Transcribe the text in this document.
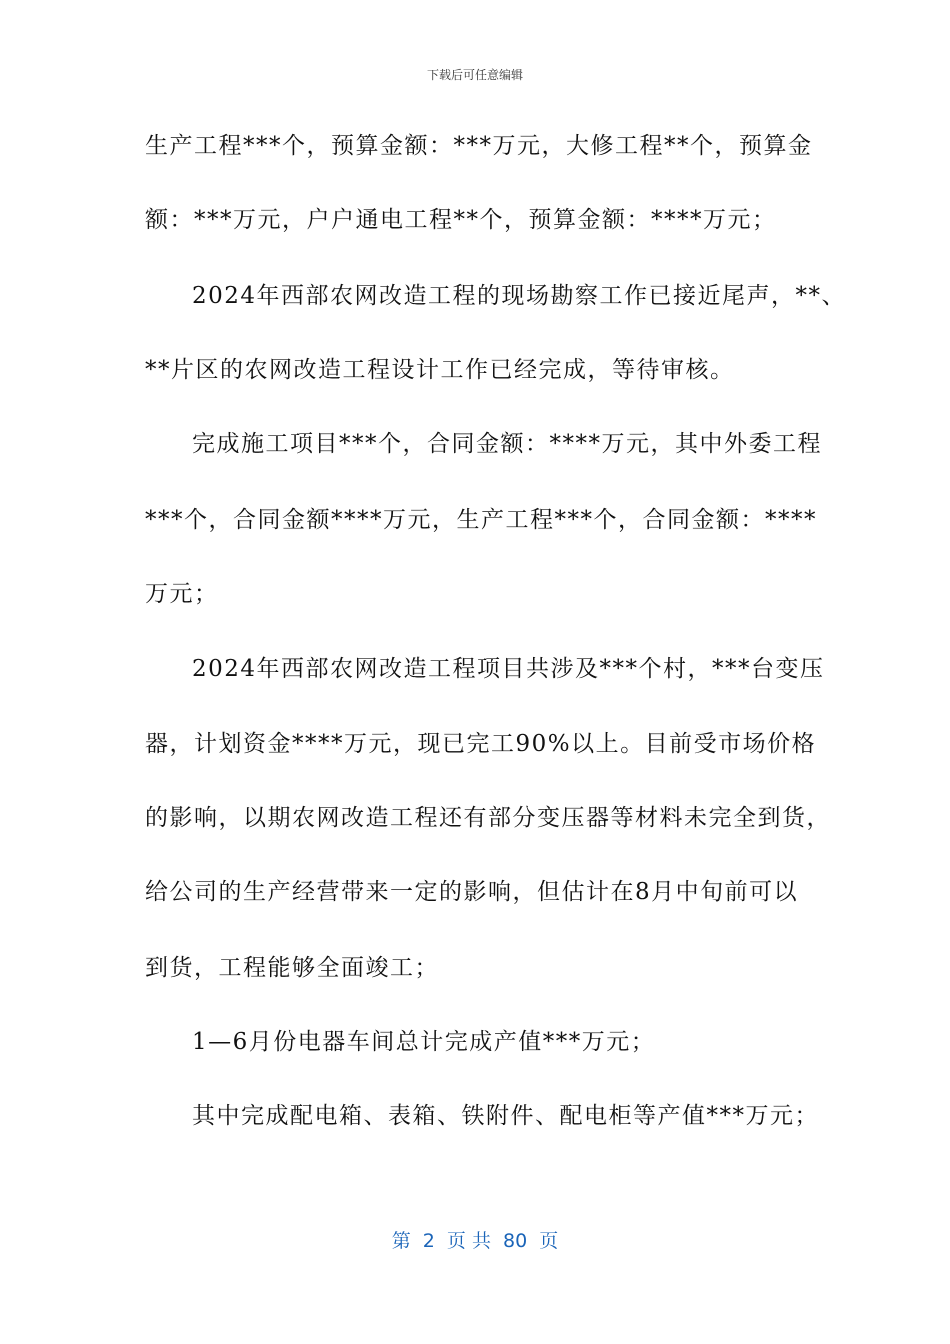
下载后可任意编辑
生产工程***个，预算金额：***万元，大修工程**个，预算金
额：***万元，户户通电工程**个，预算金额：****万元；
2024年西部农网改造工程的现场勘察工作已接近尾声，**、
**片区的农网改造工程设计工作已经完成，等待审核。
完成施工项目***个，合同金额：****万元，其中外委工程
***个，合同金额****万元，生产工程***个，合同金额：****
万元；
2024年西部农网改造工程项目共涉及***个村，***台变压
器，计划资金****万元，现已完工90%以上。目前受市场价格
的影响，以期农网改造工程还有部分变压器等材料未完全到货，
给公司的生产经营带来一定的影响，但估计在8月中旬前可以
到货，工程能够全面竣工；
1—6月份电器车间总计完成产值***万元；
其中完成配电箱、表箱、铁附件、配电柜等产值***万元；
第  2  页 共  80  页
